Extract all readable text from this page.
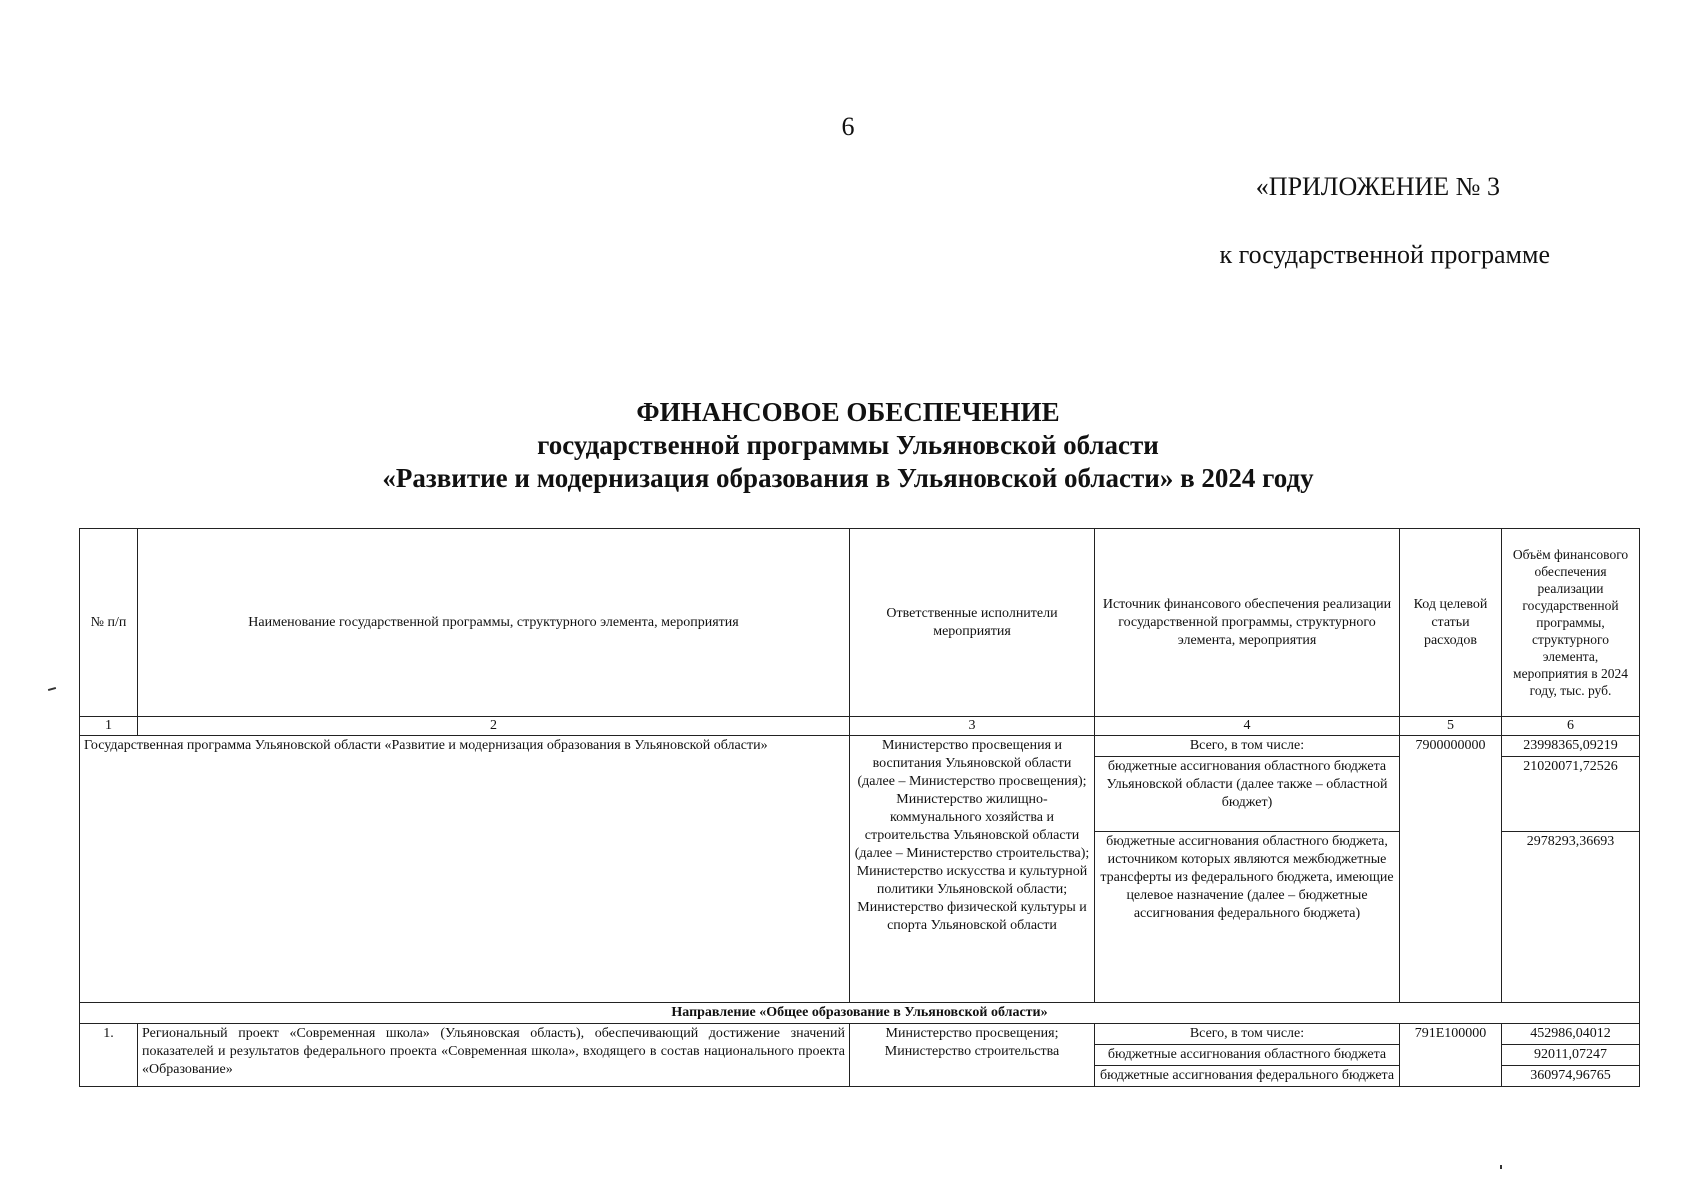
6
«ПРИЛОЖЕНИЕ № 3
к государственной программе
ФИНАНСОВОЕ ОБЕСПЕЧЕНИЕ
государственной программы Ульяновской области
«Развитие и модернизация образования в Ульяновской области» в 2024 году
№ п/п	Наименование государственной программы, структурного элемента, мероприятия	Ответственные исполнители мероприятия	Источник финансового обеспечения реализации государственной программы, структурного элемента, мероприятия	Код целевой статьи расходов	Объём финансового обеспечения реализации государственной программы, структурного элемента, мероприятия в 2024 году, тыс. руб.
1	2	3	4	5	6
Государственная программа Ульяновской области «Развитие и модернизация образования в Ульяновской области»		Министерство просвещения и воспитания Ульяновской области (далее – Министерство просвещения); Министерство жилищно-коммунального хозяйства и строительства Ульяновской области (далее – Министерство строительства); Министерство искусства и культурной политики Ульяновской области; Министерство физической культуры и спорта Ульяновской области	Всего, в том числе:	7900000000	23998365,09219
			бюджетные ассигнования областного бюджета Ульяновской области (далее также – областной бюджет)		21020071,72526
			бюджетные ассигнования областного бюджета, источником которых являются межбюджетные трансферты из федерального бюджета, имеющие целевое назначение (далее – бюджетные ассигнования федерального бюджета)		2978293,36693
Направление «Общее образование в Ульяновской области»					
1.	Региональный проект «Современная школа» (Ульяновская область), обеспечивающий достижение значений показателей и результатов федерального проекта «Современная школа», входящего в состав национального проекта «Образование»	Министерство просвещения; Министерство строительства	Всего, в том числе:	791Е100000	452986,04012
			бюджетные ассигнования областного бюджета		92011,07247
			бюджетные ассигнования федерального бюджета		360974,96765
